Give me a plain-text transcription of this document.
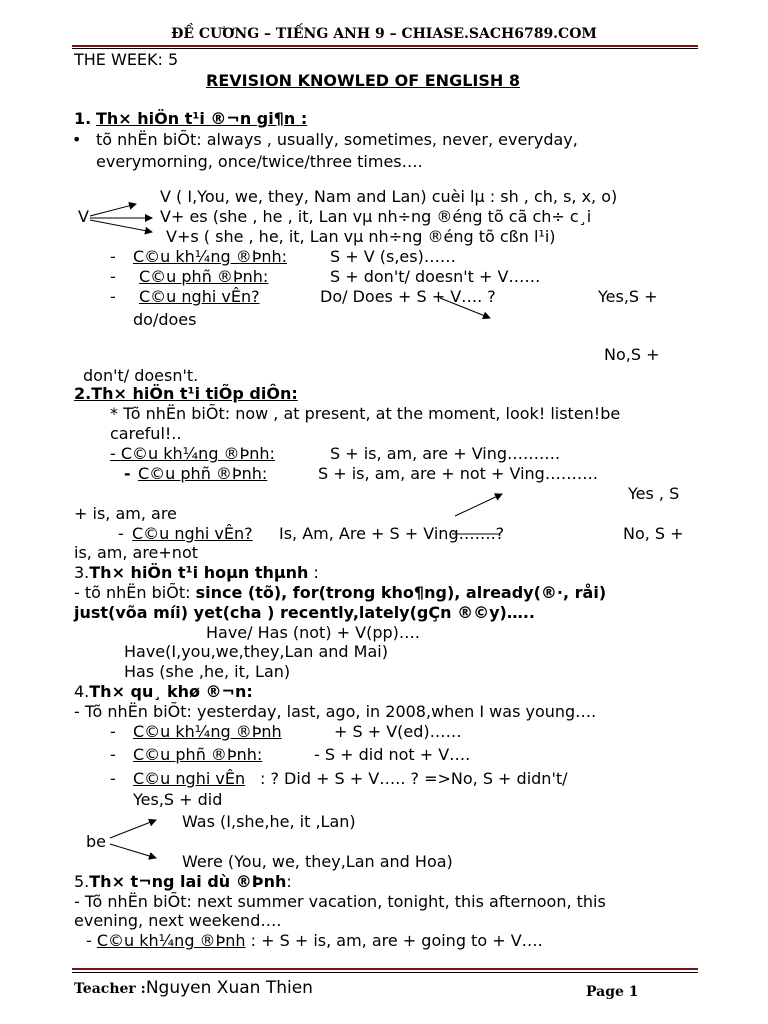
ĐỀ CƯƠNG – TIẾNG ANH 9 – CHIASE.SACH6789.COM
THE WEEK: 5
REVISION KNOWLED OF ENGLISH 8
1. Th× hiÖn t¹i ®¬n gi¶n :
• tõ nhËn biÕt: always , usually, sometimes, never, everyday,
everymorning, once/twice/three times….
V ( I,You, we, they, Nam and Lan) cuèi lµ : sh , ch, s, x, o)
V	V+ es (she , he , it, Lan vµ nh÷ng ®éng tõ cã ch÷ c¸i
V+s ( she , he, it, Lan vµ nh÷ng ®éng tõ cßn l¹i)
- C©u kh¼ng ®Þnh:	S + V (s,es)……
- C©u phñ ®Þnh:	S + don't/ doesn't + V……
- C©u nghi vÊn?	Do/ Does + S + V…. ?	Yes,S +
do/does
No,S +
don't/ doesn't.
2.Th× hiÖn t¹i tiÕp diÔn:
* Tõ nhËn biÕt: now , at present, at the moment, look! listen!be
careful!..
- C©u kh¼ng ®Þnh:	S + is, am, are + Ving……….
- C©u phñ ®Þnh:	S + is, am, are + not + Ving……….
Yes , S
+ is, am, are
- C©u nghi vÊn? Is, Am, Are + S + Ving…….?	No, S +
is, am, are+not
3.Th× hiÖn t¹i hoµn thµnh :
- tõ nhËn biÕt: since (tõ), for(trong kho¶ng), already(®·, råi)
just(võa míi) yet(cha ) recently,lately(gÇn ®©y)…..
Have/ Has (not) + V(pp)….
Have(I,you,we,they,Lan and Mai)
Has (she ,he, it, Lan)
4.Th× qu¸ khø ®¬n:
- Tõ nhËn biÕt: yesterday, last, ago, in 2008,when I was young….
- C©u kh¼ng ®Þnh	+ S + V(ed)……
- C©u phñ ®Þnh:	- S + did not + V….
- C©u nghi vÊn : ? Did + S + V….. ? =>No, S + didn't/
Yes,S + did
Was (I,she,he, it ,Lan)
be
Were (You, we, they,Lan and Hoa)
5.Th× t¬ng lai dù ®Þnh:
- Tõ nhËn biÕt: next summer vacation, tonight, this afternoon, this
evening, next weekend….
- C©u kh¼ng ®Þnh : + S + is, am, are + going to + V….
Teacher :Nguyen Xuan Thien	Page 1
